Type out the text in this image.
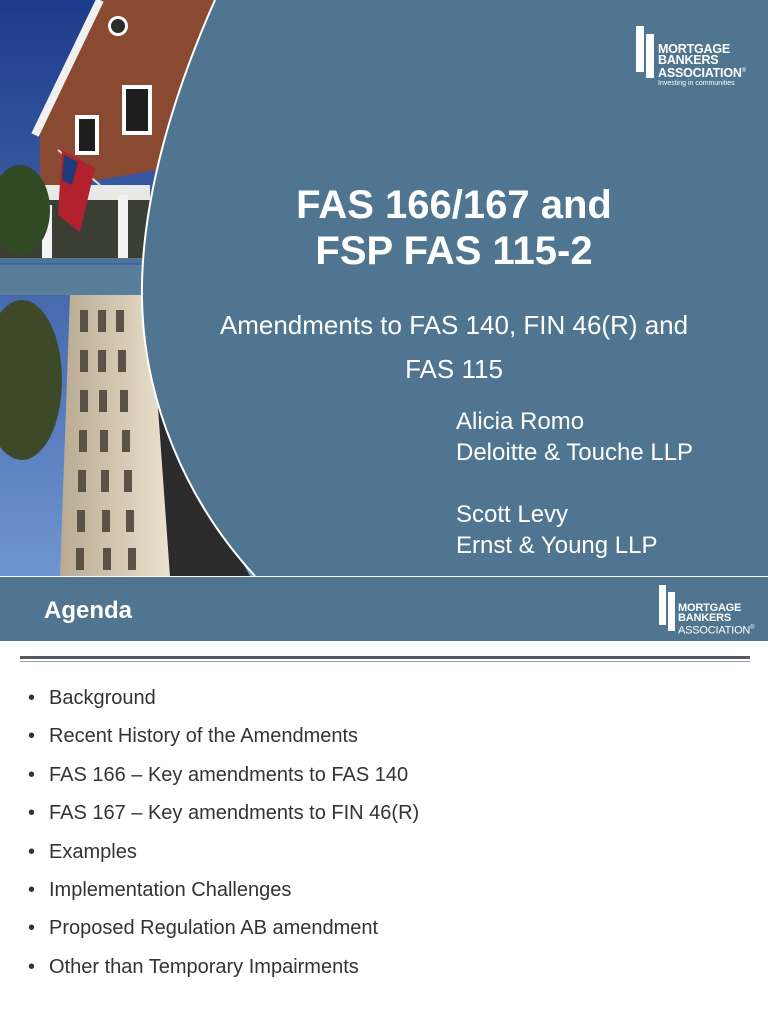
MORTGAGE
BANKERS
ASSOCIATION®
Investing in communities
FAS 166/167 and
FSP FAS 115-2
Amendments to FAS 140, FIN 46(R) and
FAS 115
Alicia Romo
Deloitte & Touche LLP
Scott Levy
Ernst & Young LLP
Agenda	MORTGAGE
BANKERS
ASSOCIATION®
• Background
• Recent History of the Amendments
• FAS 166 – Key amendments to FAS 140
• FAS 167 – Key amendments to FIN 46(R)
• Examples
• Implementation Challenges
• Proposed Regulation AB amendment
• Other than Temporary Impairments
